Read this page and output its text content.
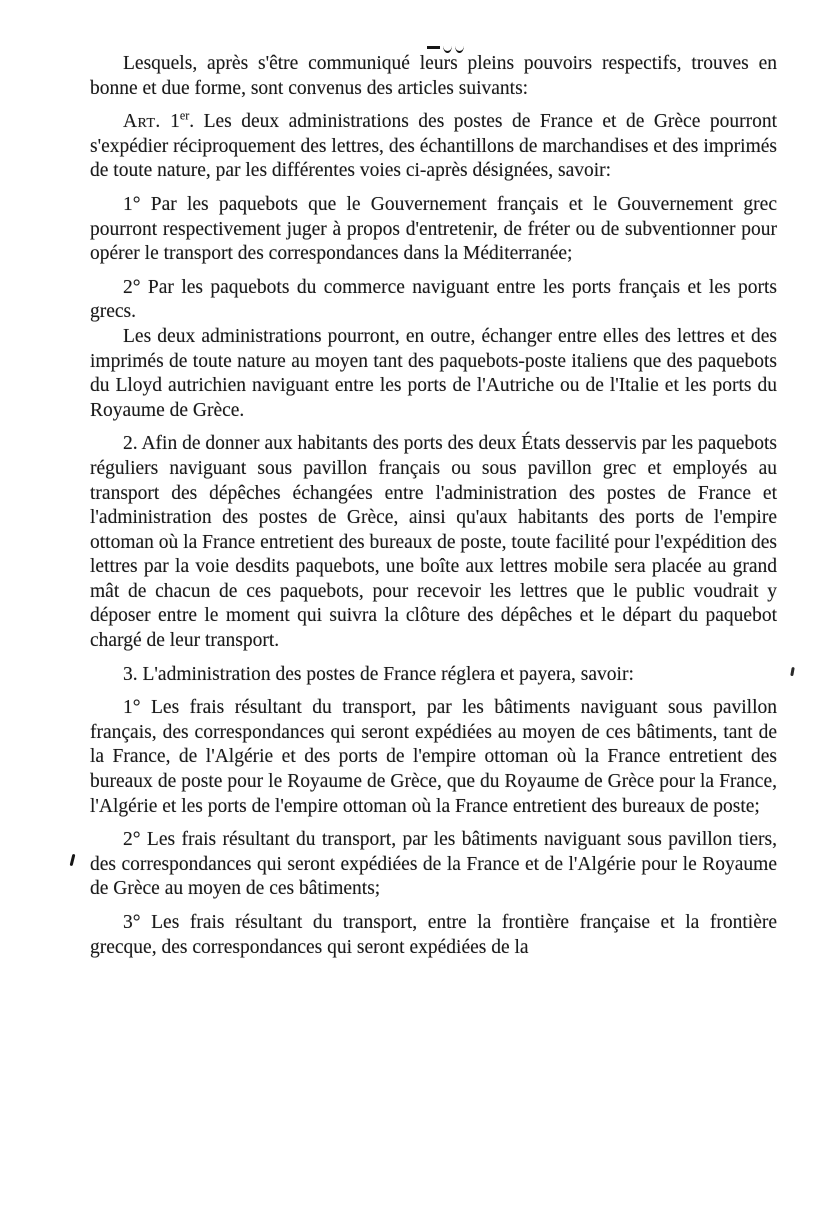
Lesquels, après s'être communiqué leurs pleins pouvoirs respectifs, trouves en bonne et due forme, sont convenus des articles suivants:

Art. 1er. Les deux administrations des postes de France et de Grèce pourront s'expédier réciproquement des lettres, des échantillons de marchandises et des imprimés de toute nature, par les différentes voies ci-après désignées, savoir:

1° Par les paquebots que le Gouvernement français et le Gouvernement grec pourront respectivement juger à propos d'entretenir, de fréter ou de subventionner pour opérer le transport des correspondances dans la Méditerranée;

2° Par les paquebots du commerce naviguant entre les ports français et les ports grecs.

Les deux administrations pourront, en outre, échanger entre elles des lettres et des imprimés de toute nature au moyen tant des paquebots-poste italiens que des paquebots du Lloyd autrichien naviguant entre les ports de l'Autriche ou de l'Italie et les ports du Royaume de Grèce.

2. Afin de donner aux habitants des ports des deux États desservis par les paquebots réguliers naviguant sous pavillon français ou sous pavillon grec et employés au transport des dépêches échangées entre l'administration des postes de France et l'administration des postes de Grèce, ainsi qu'aux habitants des ports de l'empire ottoman où la France entretient des bureaux de poste, toute facilité pour l'expédition des lettres par la voie desdits paquebots, une boîte aux lettres mobile sera placée au grand mât de chacun de ces paquebots, pour recevoir les lettres que le public voudrait y déposer entre le moment qui suivra la clôture des dépêches et le départ du paquebot chargé de leur transport.

3. L'administration des postes de France réglera et payera, savoir:

1° Les frais résultant du transport, par les bâtiments naviguant sous pavillon français, des correspondances qui seront expédiées au moyen de ces bâtiments, tant de la France, de l'Algérie et des ports de l'empire ottoman où la France entretient des bureaux de poste pour le Royaume de Grèce, que du Royaume de Grèce pour la France, l'Algérie et les ports de l'empire ottoman où la France entretient des bureaux de poste;

2° Les frais résultant du transport, par les bâtiments naviguant sous pavillon tiers, des correspondances qui seront expédiées de la France et de l'Algérie pour le Royaume de Grèce au moyen de ces bâtiments;

3° Les frais résultant du transport, entre la frontière française et la frontière grecque, des correspondances qui seront expédiées de la
